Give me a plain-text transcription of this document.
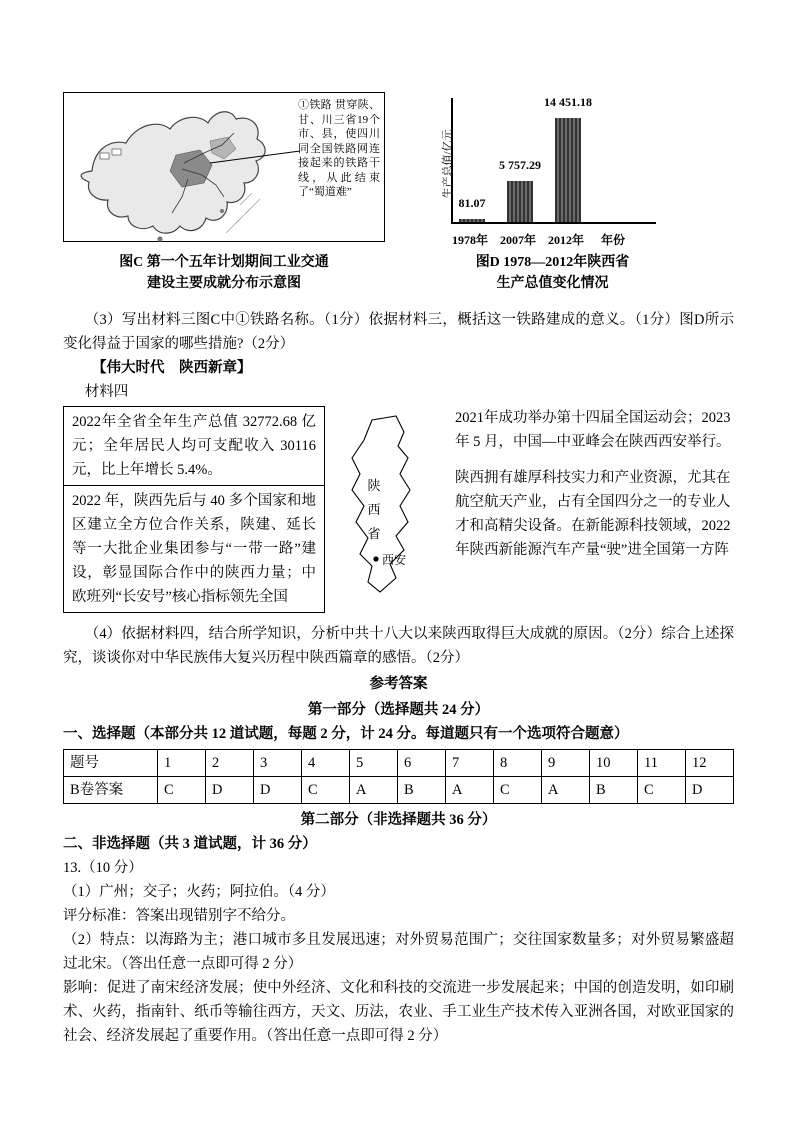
①铁路 贯穿陕、甘、川三省19个市、县，使四川同全国铁路网连接起来的铁路干线，从此结束了“蜀道难”
图C 第一个五年计划期间工业交通
建设主要成就分布示意图
生产总值/亿元
81.07
5 757.29
14 451.18
1978年 2007年 2012年 年份
图D 1978—2012年陕西省
生产总值变化情况

（3）写出材料三图C中①铁路名称。（1分）依据材料三，概括这一铁路建成的意义。（1分）图D所示变化得益于国家的哪些措施?（2分）

【伟大时代　陕西新章】

材料四

2022年全省全年生产总值 32772.68 亿元；全年居民人均可支配收入 30116 元，比上年增长 5.4%。
2022 年，陕西先后与 40 多个国家和地区建立全方位合作关系，陕建、延长等一大批企业集团参与“一带一路”建设，彰显国际合作中的陕西力量；中欧班列“长安号”核心指标领先全国
陕
西
省
西安
2021年成功举办第十四届全国运动会；2023 年 5 月，中国—中亚峰会在陕西西安举行。
陕西拥有雄厚科技实力和产业资源，尤其在航空航天产业，占有全国四分之一的专业人才和高精尖设备。在新能源科技领域，2022年陕西新能源汽车产量“驶”进全国第一方阵

（4）依据材料四，结合所学知识，分析中共十八大以来陕西取得巨大成就的原因。（2分）综合上述探究，谈谈你对中华民族伟大复兴历程中陕西篇章的感悟。（2分）

参考答案

第一部分（选择题共 24 分）

一、选择题（本部分共 12 道试题，每题 2 分，计 24 分。每道题只有一个选项符合题意）

题号	1	2	3	4	5	6	7	8	9	10	11	12
B卷答案	C	D	D	C	A	B	A	C	A	B	C	D

第二部分（非选择题共 36 分）

二、非选择题（共 3 道试题，计 36 分）

13.（10 分）

（1）广州；交子；火药；阿拉伯。（4 分）

评分标准：答案出现错别字不给分。

（2）特点：以海路为主；港口城市多且发展迅速；对外贸易范围广；交往国家数量多；对外贸易繁盛超过北宋。（答出任意一点即可得 2 分）

影响：促进了南宋经济发展；使中外经济、文化和科技的交流进一步发展起来；中国的创造发明，如印刷术、火药，指南针、纸币等输往西方，天文、历法，农业、手工业生产技术传入亚洲各国，对欧亚国家的社会、经济发展起了重要作用。（答出任意一点即可得 2 分）
